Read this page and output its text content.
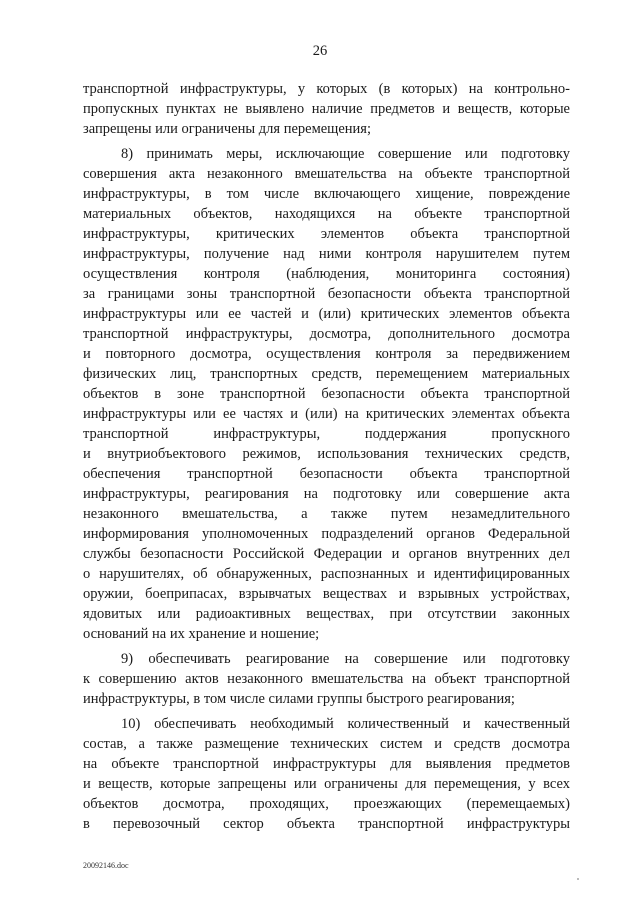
26
транспортной инфраструктуры, у которых (в которых) на контрольно-
пропускных пунктах не выявлено наличие предметов и веществ, которые
запрещены или ограничены для перемещения;
8) принимать меры, исключающие совершение или подготовку
совершения акта незаконного вмешательства на объекте транспортной
инфраструктуры, в том числе включающего хищение, повреждение
материальных объектов, находящихся на объекте транспортной
инфраструктуры, критических элементов объекта транспортной
инфраструктуры, получение над ними контроля нарушителем путем
осуществления контроля (наблюдения, мониторинга состояния)
за границами зоны транспортной безопасности объекта транспортной
инфраструктуры или ее частей и (или) критических элементов объекта
транспортной инфраструктуры, досмотра, дополнительного досмотра
и повторного досмотра, осуществления контроля за передвижением
физических лиц, транспортных средств, перемещением материальных
объектов в зоне транспортной безопасности объекта транспортной
инфраструктуры или ее частях и (или) на критических элементах объекта
транспортной инфраструктуры, поддержания пропускного
и внутриобъектового режимов, использования технических средств,
обеспечения транспортной безопасности объекта транспортной
инфраструктуры, реагирования на подготовку или совершение акта
незаконного вмешательства, а также путем незамедлительного
информирования уполномоченных подразделений органов Федеральной
службы безопасности Российской Федерации и органов внутренних дел
о нарушителях, об обнаруженных, распознанных и идентифицированных
оружии, боеприпасах, взрывчатых веществах и взрывных устройствах,
ядовитых или радиоактивных веществах, при отсутствии законных
оснований на их хранение и ношение;
9) обеспечивать реагирование на совершение или подготовку
к совершению актов незаконного вмешательства на объект транспортной
инфраструктуры, в том числе силами группы быстрого реагирования;
10) обеспечивать необходимый количественный и качественный
состав, а также размещение технических систем и средств досмотра
на объекте транспортной инфраструктуры для выявления предметов
и веществ, которые запрещены или ограничены для перемещения, у всех
объектов досмотра, проходящих, проезжающих (перемещаемых)
в перевозочный сектор объекта транспортной инфраструктуры
20092146.doc
